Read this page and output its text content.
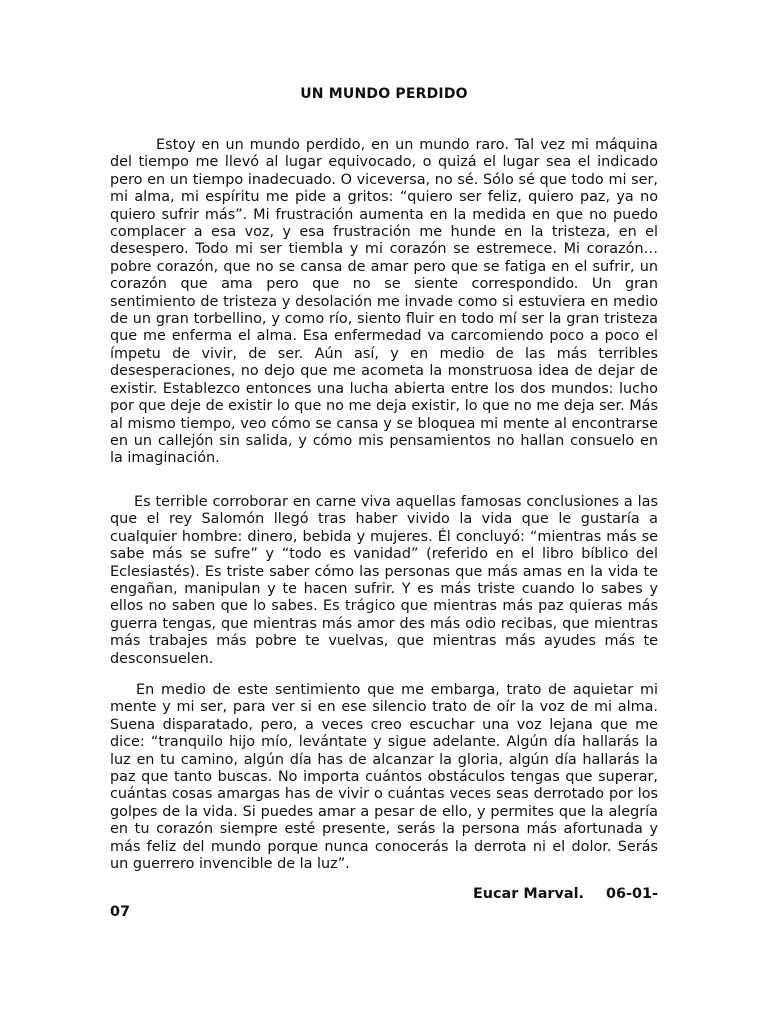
UN MUNDO PERDIDO

Estoy en un mundo perdido, en un mundo raro. Tal vez mi máquina del tiempo me llevó al lugar equivocado, o quizá el lugar sea el indicado pero en un tiempo inadecuado. O viceversa, no sé. Sólo sé que todo mi ser, mi alma, mi espíritu me pide a gritos: “quiero ser feliz, quiero paz, ya no quiero sufrir más”. Mi frustración aumenta en la medida en que no puedo complacer a esa voz, y esa frustración me hunde en la tristeza, en el desespero. Todo mi ser tiembla y mi corazón se estremece. Mi corazón… pobre corazón, que no se cansa de amar pero que se fatiga en el sufrir, un corazón que ama pero que no se siente correspondido. Un gran sentimiento de tristeza y desolación me invade como si estuviera en medio de un gran torbellino, y como río, siento fluir en todo mí ser la gran tristeza que me enferma el alma. Esa enfermedad va carcomiendo poco a poco el ímpetu de vivir, de ser. Aún así, y en medio de las más terribles desesperaciones, no dejo que me acometa la monstruosa idea de dejar de existir. Establezco entonces una lucha abierta entre los dos mundos: lucho por que deje de existir lo que no me deja existir, lo que no me deja ser. Más al mismo tiempo, veo cómo se cansa y se bloquea mi mente al encontrarse en un callejón sin salida, y cómo mis pensamientos no hallan consuelo en la imaginación.

Es terrible corroborar en carne viva aquellas famosas conclusiones a las que el rey Salomón llegó tras haber vivido la vida que le gustaría a cualquier hombre: dinero, bebida y mujeres. Él concluyó: “mientras más se sabe más se sufre” y “todo es vanidad” (referido en el libro bíblico del Eclesiastés). Es triste saber cómo las personas que más amas en la vida te engañan, manipulan y te hacen sufrir. Y es más triste cuando lo sabes y ellos no saben que lo sabes. Es trágico que mientras más paz quieras más guerra tengas, que mientras más amor des más odio recibas, que mientras más trabajes más pobre te vuelvas, que mientras más ayudes más te desconsuelen.

En medio de este sentimiento que me embarga, trato de aquietar mi mente y mi ser, para ver si en ese silencio trato de oír la voz de mi alma. Suena disparatado, pero, a veces creo escuchar una voz lejana que me dice: “tranquilo hijo mío, levántate y sigue adelante. Algún día hallarás la luz en tu camino, algún día has de alcanzar la gloria, algún día hallarás la paz que tanto buscas. No importa cuántos obstáculos tengas que superar, cuántas cosas amargas has de vivir o cuántas veces seas derrotado por los golpes de la vida. Si puedes amar a pesar de ello, y permites que la alegría en tu corazón siempre esté presente, serás la persona más afortunada y más feliz del mundo porque nunca conocerás la derrota ni el dolor. Serás un guerrero invencible de la luz”.

Eucar Marval. 06-01-
07
